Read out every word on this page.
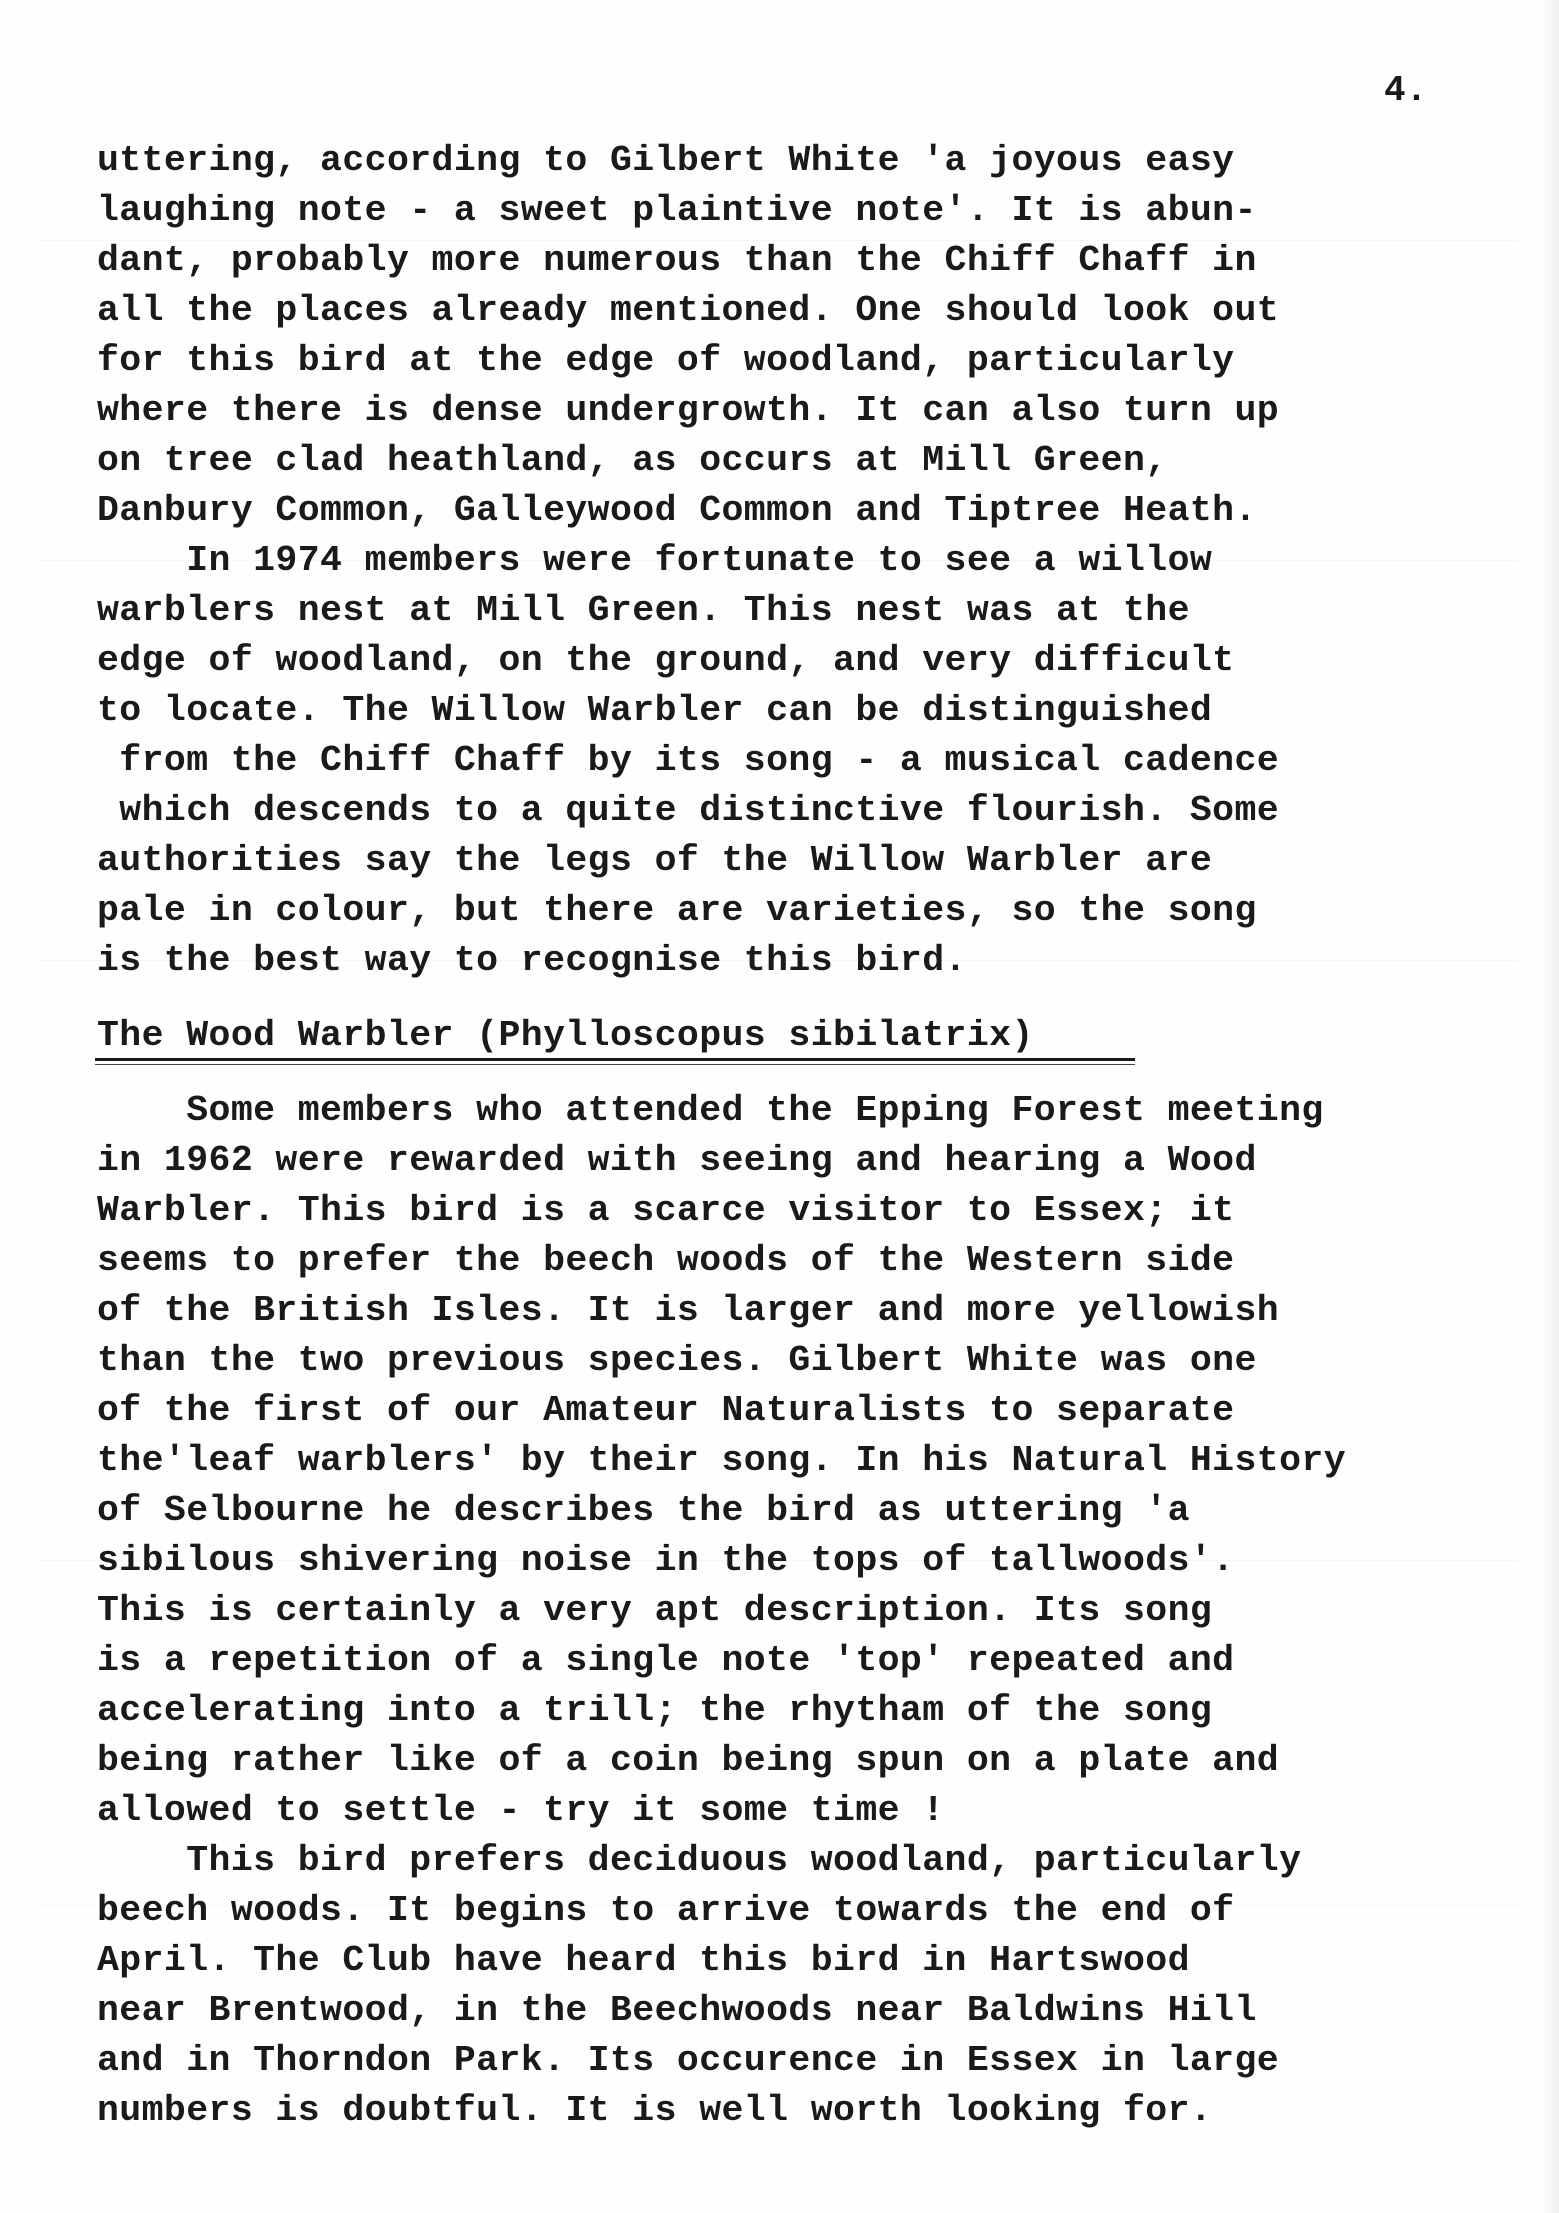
4.
uttering, according to Gilbert White 'a joyous easy
laughing note - a sweet plaintive note'. It is abun-
dant, probably more numerous than the Chiff Chaff in
all the places already mentioned. One should look out
for this bird at the edge of woodland, particularly
where there is dense undergrowth. It can also turn up
on tree clad heathland, as occurs at Mill Green,
Danbury Common, Galleywood Common and Tiptree Heath.
In 1974 members were fortunate to see a willow
warblers nest at Mill Green. This nest was at the
edge of woodland, on the ground, and very difficult
to locate. The Willow Warbler can be distinguished
from the Chiff Chaff by its song - a musical cadence
which descends to a quite distinctive flourish. Some
authorities say the legs of the Willow Warbler are
pale in colour, but there are varieties, so the song
is the best way to recognise this bird.
The Wood Warbler (Phylloscopus sibilatrix)
Some members who attended the Epping Forest meeting
in 1962 were rewarded with seeing and hearing a Wood
Warbler. This bird is a scarce visitor to Essex; it
seems to prefer the beech woods of the Western side
of the British Isles. It is larger and more yellowish
than the two previous species. Gilbert White was one
of the first of our Amateur Naturalists to separate
the'leaf warblers' by their song. In his Natural History
of Selbourne he describes the bird as uttering 'a
sibilous shivering noise in the tops of tallwoods'.
This is certainly a very apt description. Its song
is a repetition of a single note 'top' repeated and
accelerating into a trill; the rhytham of the song
being rather like of a coin being spun on a plate and
allowed to settle - try it some time !
This bird prefers deciduous woodland, particularly
beech woods. It begins to arrive towards the end of
April. The Club have heard this bird in Hartswood
near Brentwood, in the Beechwoods near Baldwins Hill
and in Thorndon Park. Its occurence in Essex in large
numbers is doubtful. It is well worth looking for.
